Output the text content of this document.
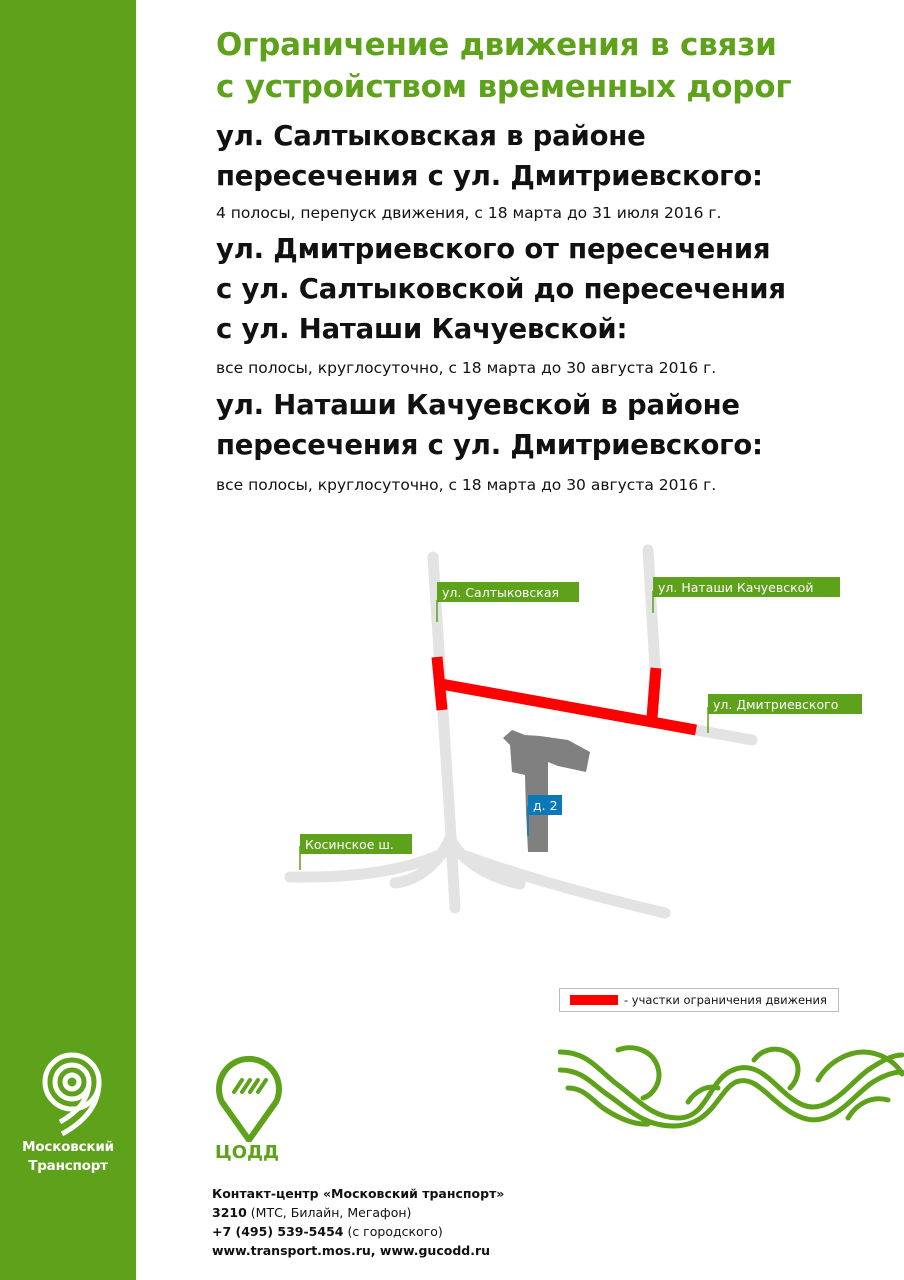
Московский
Транспорт
Ограничение движения в связи
с устройством временных дорог
ул. Салтыковская в районе
пересечения с ул. Дмитриевского:
4 полосы, перепуск движения, с 18 марта до 31 июля 2016 г.
ул. Дмитриевского от пересечения
с ул. Салтыковской до пересечения
с ул. Наташи Качуевской:
все полосы, круглосуточно, с 18 марта до 30 августа 2016 г.
ул. Наташи Качуевской в районе
пересечения с ул. Дмитриевского:
все полосы, круглосуточно, с 18 марта до 30 августа 2016 г.
ул. Салтыковская	ул. Наташи Качуевской
ул. Дмитриевского
Косинское ш.
д. 2
- участки ограничения движения
ЦОДД
Контакт-центр «Московский транспорт»
3210 (МТС, Билайн, Мегафон)
+7 (495) 539-5454 (с городского)
www.transport.mos.ru, www.gucodd.ru
